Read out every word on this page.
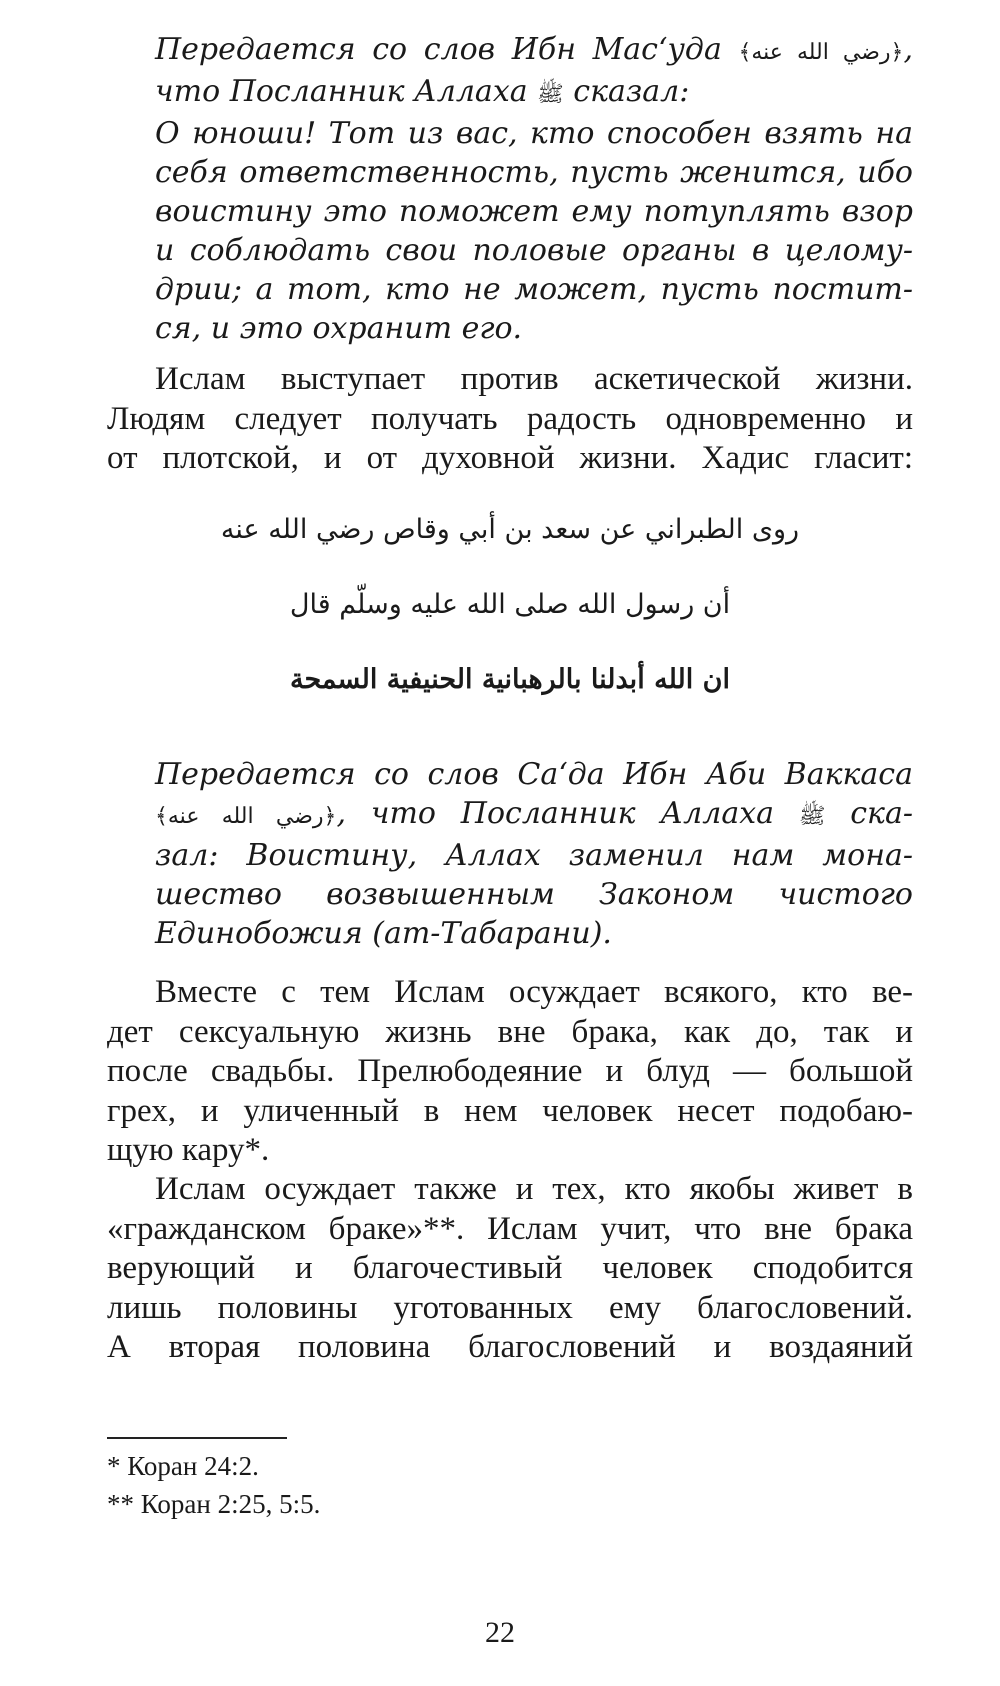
Передается со слов Ибн Мас‘уда ﴿رضي الله عنه﴾,
что Посланник Аллаха ﷺ сказал:
О юноши! Тот из вас, кто способен взять на
себя ответственность, пусть женится, ибо
воистину это поможет ему потуплять взор
и соблюдать свои половые органы в целому-
дрии; а тот, кто не может, пусть постит-
ся, и это охранит его.
Ислам выступает против аскетической жизни.
Людям следует получать радость одновременно и
от плотской, и от духовной жизни. Хадис гласит:
روى الطبراني عن سعد بن أبي وقاص رضي الله عنه
أن رسول الله صلى الله عليه وسلّم قال
ان الله أبدلنا بالرهبانية الحنيفية السمحة
Передается со слов Са‘да Ибн Аби Ваккаса
﴿رضي الله عنه﴾, что Посланник Аллаха ﷺ ска-
зал: Воистину, Аллах заменил нам мона-
шество возвышенным Законом чистого
Единобожия (ат-Табарани).
Вместе с тем Ислам осуждает всякого, кто ве-
дет сексуальную жизнь вне брака, как до, так и
после свадьбы. Прелюбодеяние и блуд — большой
грех, и уличенный в нем человек несет подобаю-
щую кару*.
Ислам осуждает также и тех, кто якобы живет в
«гражданском браке»**. Ислам учит, что вне брака
верующий и благочестивый человек сподобится
лишь половины уготованных ему благословений.
А вторая половина благословений и воздаяний
* Коран 24:2.
** Коран 2:25, 5:5.
22
